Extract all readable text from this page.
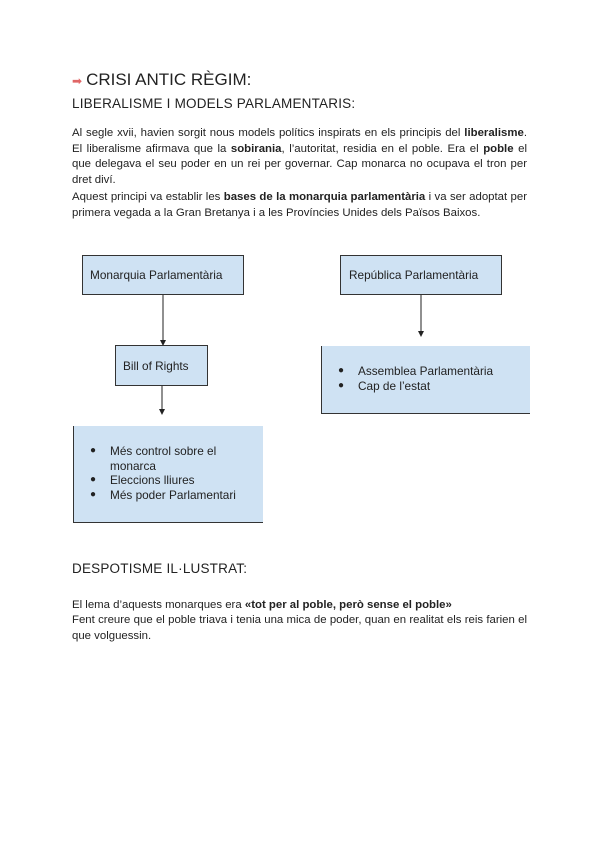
➡ CRISI ANTIC RÈGIM:
LIBERALISME I MODELS PARLAMENTARIS:
Al segle xvii, havien sorgit nous models polítics inspirats en els principis del liberalisme. El liberalisme afirmava que la sobirania, l’autoritat, residia en el poble. Era el poble el que delegava el seu poder en un rei per governar. Cap monarca no ocupava el tron per dret diví.
Aquest principi va establir les bases de la monarquia parlamentària i va ser adoptat per primera vegada a la Gran Bretanya i a les Províncies Unides dels Països Baixos.
Monarquia Parlamentària	República Parlamentària
Bill of Rights
● Més control sobre el monarca
● Eleccions lliures
● Més poder Parlamentari
● Assemblea Parlamentària
● Cap de l’estat
DESPOTISME IL·LUSTRAT:
El lema d’aquests monarques era «tot per al poble, però sense el poble»
Fent creure que el poble triava i tenia una mica de poder, quan en realitat els reis farien el que volguessin.
